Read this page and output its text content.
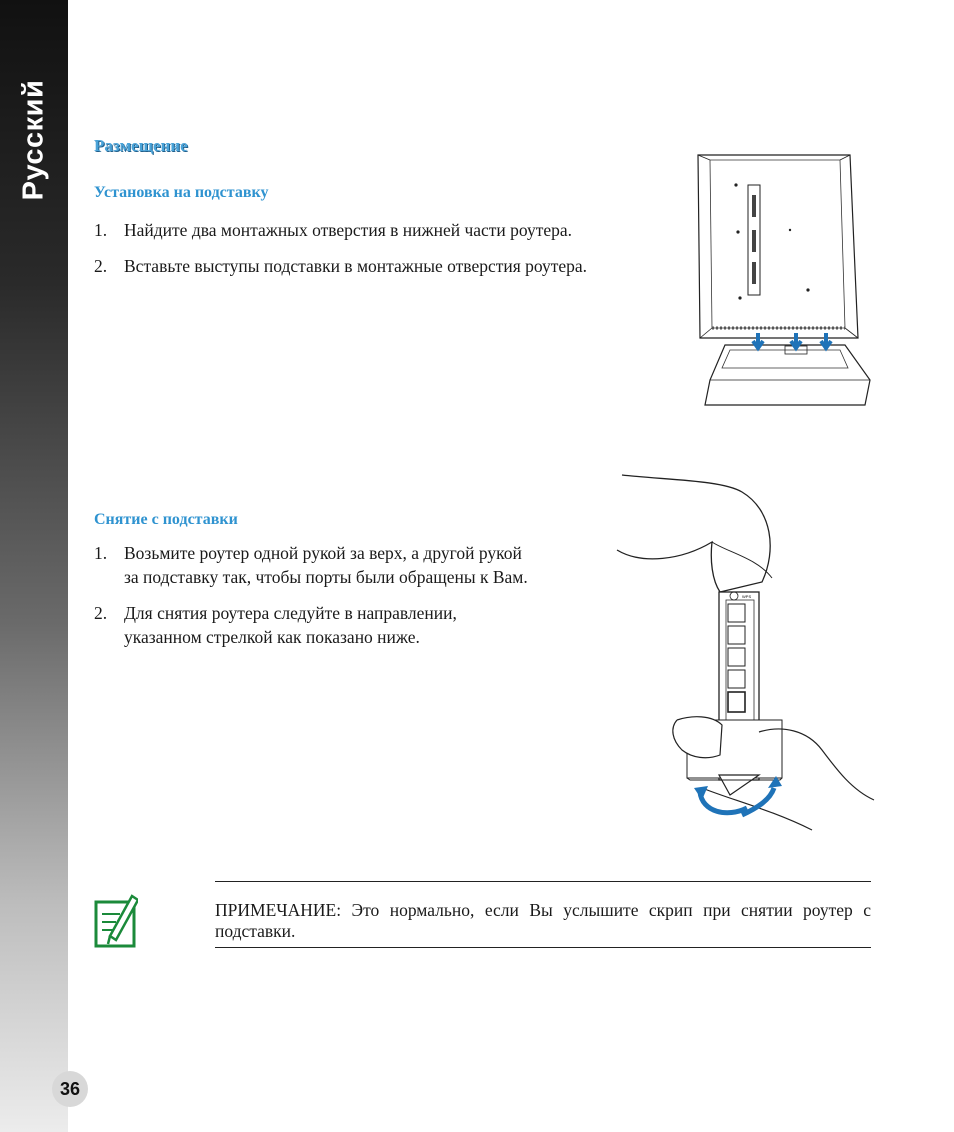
Русский	Размещение
Установка на подставку
1. Найдите два монтажных отверстия в нижней части роутера.
2. Вставьте выступы подставки в монтажные отверстия роутера.
Снятие с подставки
1. Возьмите роутер одной рукой за верх, а другой рукой
за подставку так, чтобы порты были обращены к Вам.
2. Для снятия роутера следуйте в направлении,
указанном стрелкой как показано ниже.
WPS

ПРИМЕЧАНИЕ: Это нормально, если Вы услышите скрип при снятии роутер с подставки.

36
